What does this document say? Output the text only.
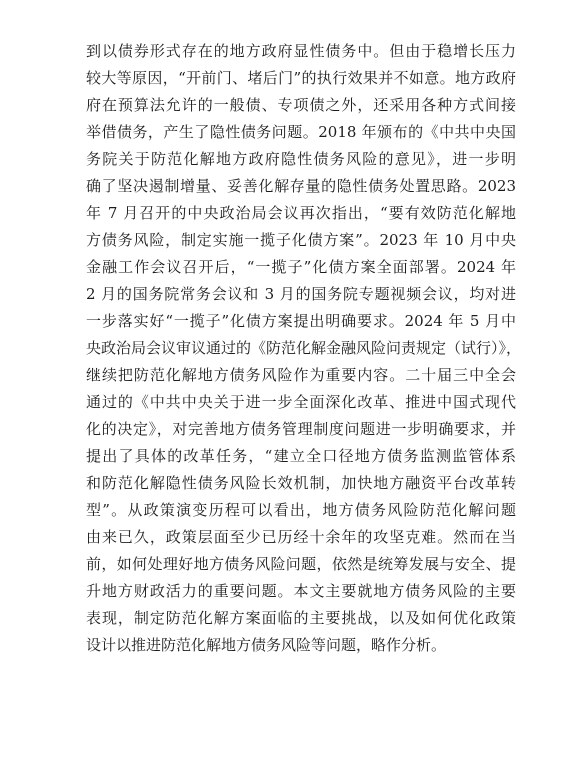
到以债券形式存在的地方政府显性债务中。但由于稳增长压力
较大等原因，“开前门、堵后门”的执行效果并不如意。地方政府
府在预算法允许的一般债、专项债之外，还采用各种方式间接
举借债务，产生了隐性债务问题。2018 年颁布的《中共中央国
务院关于防范化解地方政府隐性债务风险的意见》，进一步明
确了坚决遏制增量、妥善化解存量的隐性债务处置思路。2023
年 7 月召开的中央政治局会议再次指出，“要有效防范化解地
方债务风险，制定实施一揽子化债方案”。2023 年 10 月中央
金融工作会议召开后，“一揽子”化债方案全面部署。2024 年
2 月的国务院常务会议和 3 月的国务院专题视频会议，均对进
一步落实好“一揽子”化债方案提出明确要求。2024 年 5 月中
央政治局会议审议通过的《防范化解金融风险问责规定（试行）》，
继续把防范化解地方债务风险作为重要内容。二十届三中全会
通过的《中共中央关于进一步全面深化改革、推进中国式现代
化的决定》，对完善地方债务管理制度问题进一步明确要求，并
提出了具体的改革任务，“建立全口径地方债务监测监管体系
和防范化解隐性债务风险长效机制，加快地方融资平台改革转
型”。从政策演变历程可以看出，地方债务风险防范化解问题
由来已久，政策层面至少已历经十余年的攻坚克难。然而在当
前，如何处理好地方债务风险问题，依然是统筹发展与安全、提
升地方财政活力的重要问题。本文主要就地方债务风险的主要
表现，制定防范化解方案面临的主要挑战，以及如何优化政策
设计以推进防范化解地方债务风险等问题，略作分析。
